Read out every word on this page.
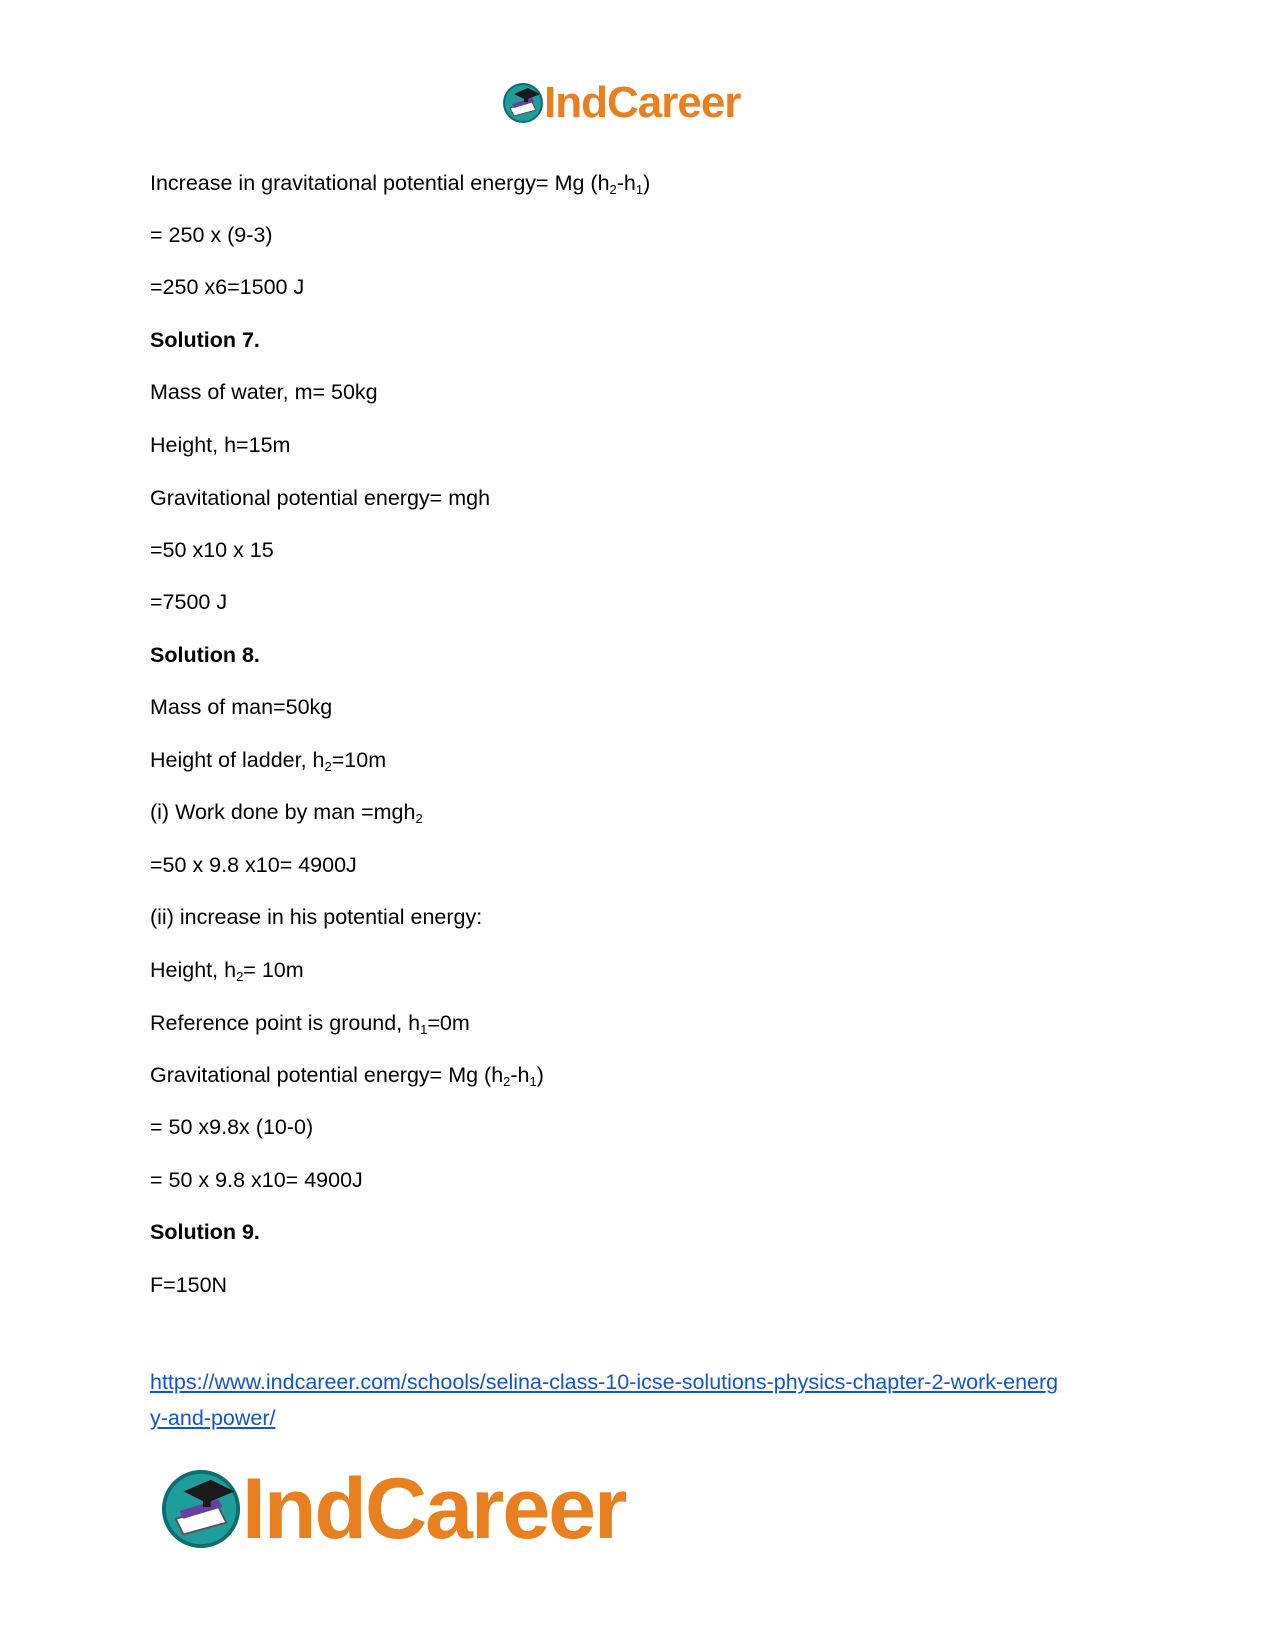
IndCareer
Increase in gravitational potential energy= Mg $(h_2-h_1)$
= 250 x (9-3)
=250 x6=1500 J
Solution 7.
Mass of water, m= 50kg
Height, h=15m
Gravitational potential energy= mgh
=50 x10 x 15
=7500 J
Solution 8.
Mass of man=50kg
Height of ladder, $h_2=10m$
(i) Work done by man =mgh$_2$
=50 x 9.8 x10= 4900J
(ii) increase in his potential energy:
Height, $h_2= 10m$
Reference point is ground, $h_1=0m$
Gravitational potential energy= Mg $(h_2-h_1)$
= 50 x9.8x (10-0)
= 50 x 9.8 x10= 4900J
Solution 9.
F=150N
https://www.indcareer.com/schools/selina-class-10-icse-solutions-physics-chapter-2-work-energ
y-and-power/
IndCareer
